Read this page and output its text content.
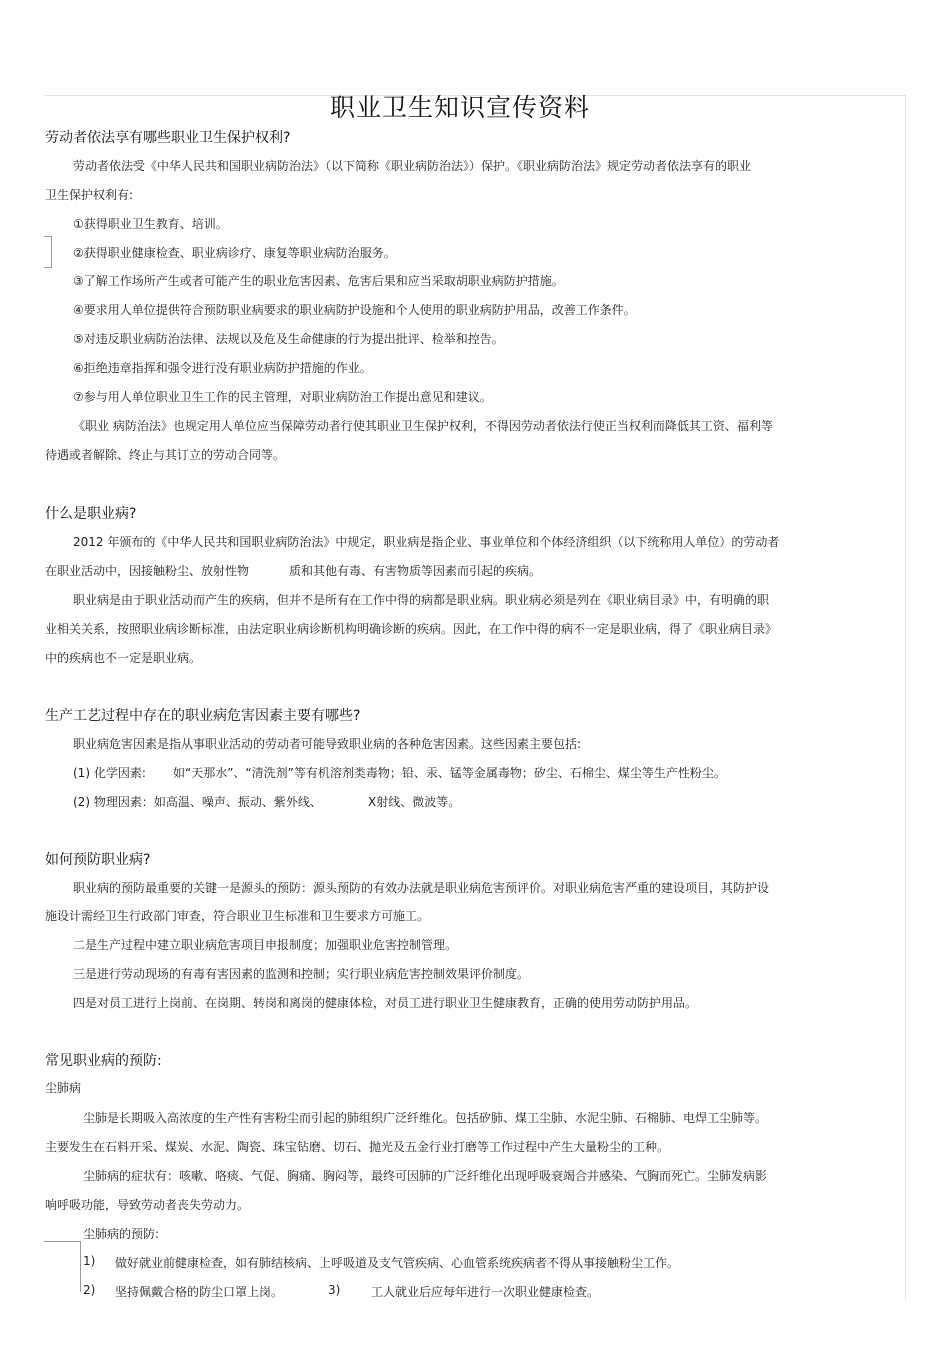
职业卫生知识宣传资料
劳动者依法享有哪些职业卫生保护权利?
劳动者依法受《中华人民共和国职业病防治法》（以下简称《职业病防治法》）保护。《职业病防治法》规定劳动者依法享有的职业
卫生保护权利有:
①获得职业卫生教育、培训。
②获得职业健康检查、职业病诊疗、康复等职业病防治服务。
③了解工作场所产生或者可能产生的职业危害因素、危害后果和应当采取胡职业病防护措施。
④要求用人单位提供符合预防职业病要求的职业病防护设施和个人使用的职业病防护用品，改善工作条件。
⑤对违反职业病防治法律、法规以及危及生命健康的行为提出批评、检举和控告。
⑥拒绝违章指挥和强令进行没有职业病防护措施的作业。
⑦参与用人单位职业卫生工作的民主管理，对职业病防治工作提出意见和建议。
《职业 病防治法》也规定用人单位应当保障劳动者行使其职业卫生保护权利，不得因劳动者依法行使正当权利而降低其工资、福利等
待遇或者解除、终止与其订立的劳动合同等。
什么是职业病?
2012 年颁布的《中华人民共和国职业病防治法》中规定，职业病是指企业、事业单位和个体经济组织（以下统称用人单位）的劳动者
在职业活动中，因接触粉尘、放射性物	质和其他有毒、有害物质等因素而引起的疾病。
职业病是由于职业活动而产生的疾病，但并不是所有在工作中得的病都是职业病。职业病必须是列在《职业病目录》中，有明确的职
业相关关系，按照职业病诊断标准，由法定职业病诊断机构明确诊断的疾病。因此，在工作中得的病不一定是职业病，得了《职业病目录》
中的疾病也不一定是职业病。
生产工艺过程中存在的职业病危害因素主要有哪些?
职业病危害因素是指从事职业活动的劳动者可能导致职业病的各种危害因素。这些因素主要包括:
(1) 化学因素: 如“天那水”、“清洗剂”等有机溶剂类毒物；铅、汞、锰等金属毒物；矽尘、石棉尘、煤尘等生产性粉尘。
(2) 物理因素：如高温、噪声、振动、紫外线、	X射线、微波等。
如何预防职业病?
职业病的预防最重要的关键一是源头的预防：源头预防的有效办法就是职业病危害预评价。对职业病危害严重的建设项目，其防护设
施设计需经卫生行政部门审查，符合职业卫生标准和卫生要求方可施工。
二是生产过程中建立职业病危害项目申报制度；加强职业危害控制管理。
三是进行劳动现场的有毒有害因素的监测和控制；实行职业病危害控制效果评价制度。
四是对员工进行上岗前、在岗期、转岗和离岗的健康体检，对员工进行职业卫生健康教育，正确的使用劳动防护用品。
常见职业病的预防:
尘肺病
尘肺是长期吸入高浓度的生产性有害粉尘而引起的肺组织广泛纤维化。包括矽肺、煤工尘肺、水泥尘肺、石棉肺、电焊工尘肺等。
主要发生在石料开采、煤炭、水泥、陶瓷、珠宝钻磨、切石、抛光及五金行业打磨等工作过程中产生大量粉尘的工种。
尘肺病的症状有：咳嗽、咯痰、气促、胸痛、胸闷等，最终可因肺的广泛纤维化出现呼吸衰竭合并感染、气胸而死亡。尘肺发病影
响呼吸功能，导致劳动者丧失劳动力。
尘肺病的预防:
1) 做好就业前健康检查，如有肺结核病、上呼吸道及支气管疾病、心血管系统疾病者不得从事接触粉尘工作。
2) 坚持佩戴合格的防尘口罩上岗。	3)	工人就业后应每年进行一次职业健康检查。
